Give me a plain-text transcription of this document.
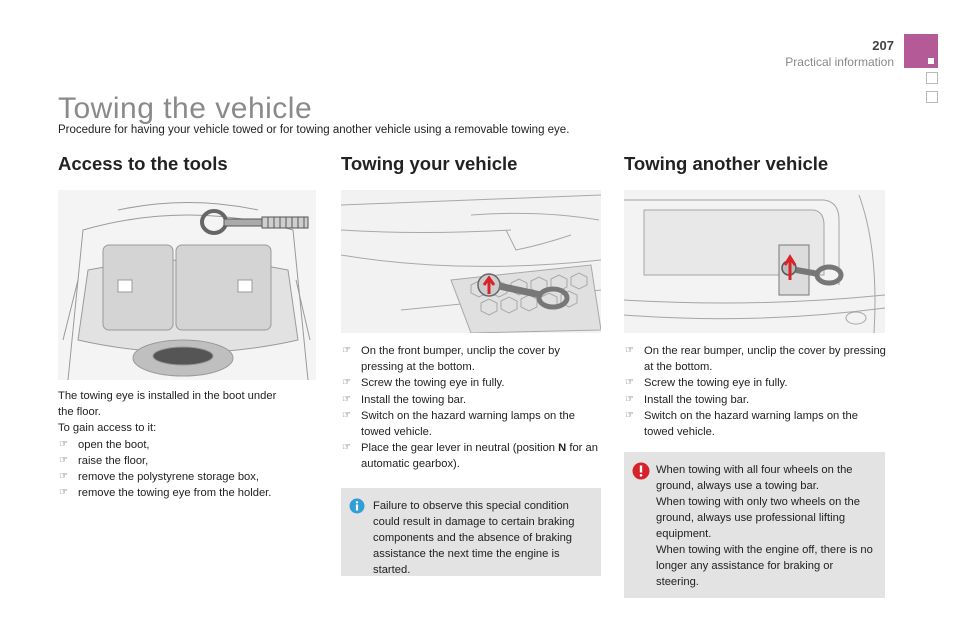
207
Practical information
Towing the vehicle
Procedure for having your vehicle towed or for towing another vehicle using a removable towing eye.
Access to the tools
The towing eye is installed in the boot under
the floor.
To gain access to it:
☞ open the boot,
☞ raise the floor,
☞ remove the polystyrene storage box,
☞ remove the towing eye from the holder.
Towing your vehicle
☞ On the front bumper, unclip the cover by pressing at the bottom.
☞ Screw the towing eye in fully.
☞ Install the towing bar.
☞ Switch on the hazard warning lamps on the towed vehicle.
☞ Place the gear lever in neutral (position N for an automatic gearbox).

Failure to observe this special condition could result in damage to certain braking components and the absence of braking assistance the next time the engine is started.

Towing another vehicle
☞ On the rear bumper, unclip the cover by pressing at the bottom.
☞ Screw the towing eye in fully.
☞ Install the towing bar.
☞ Switch on the hazard warning lamps on the towed vehicle.

When towing with all four wheels on the ground, always use a towing bar.

When towing with only two wheels on the ground, always use professional lifting equipment.

When towing with the engine off, there is no longer any assistance for braking or steering.
